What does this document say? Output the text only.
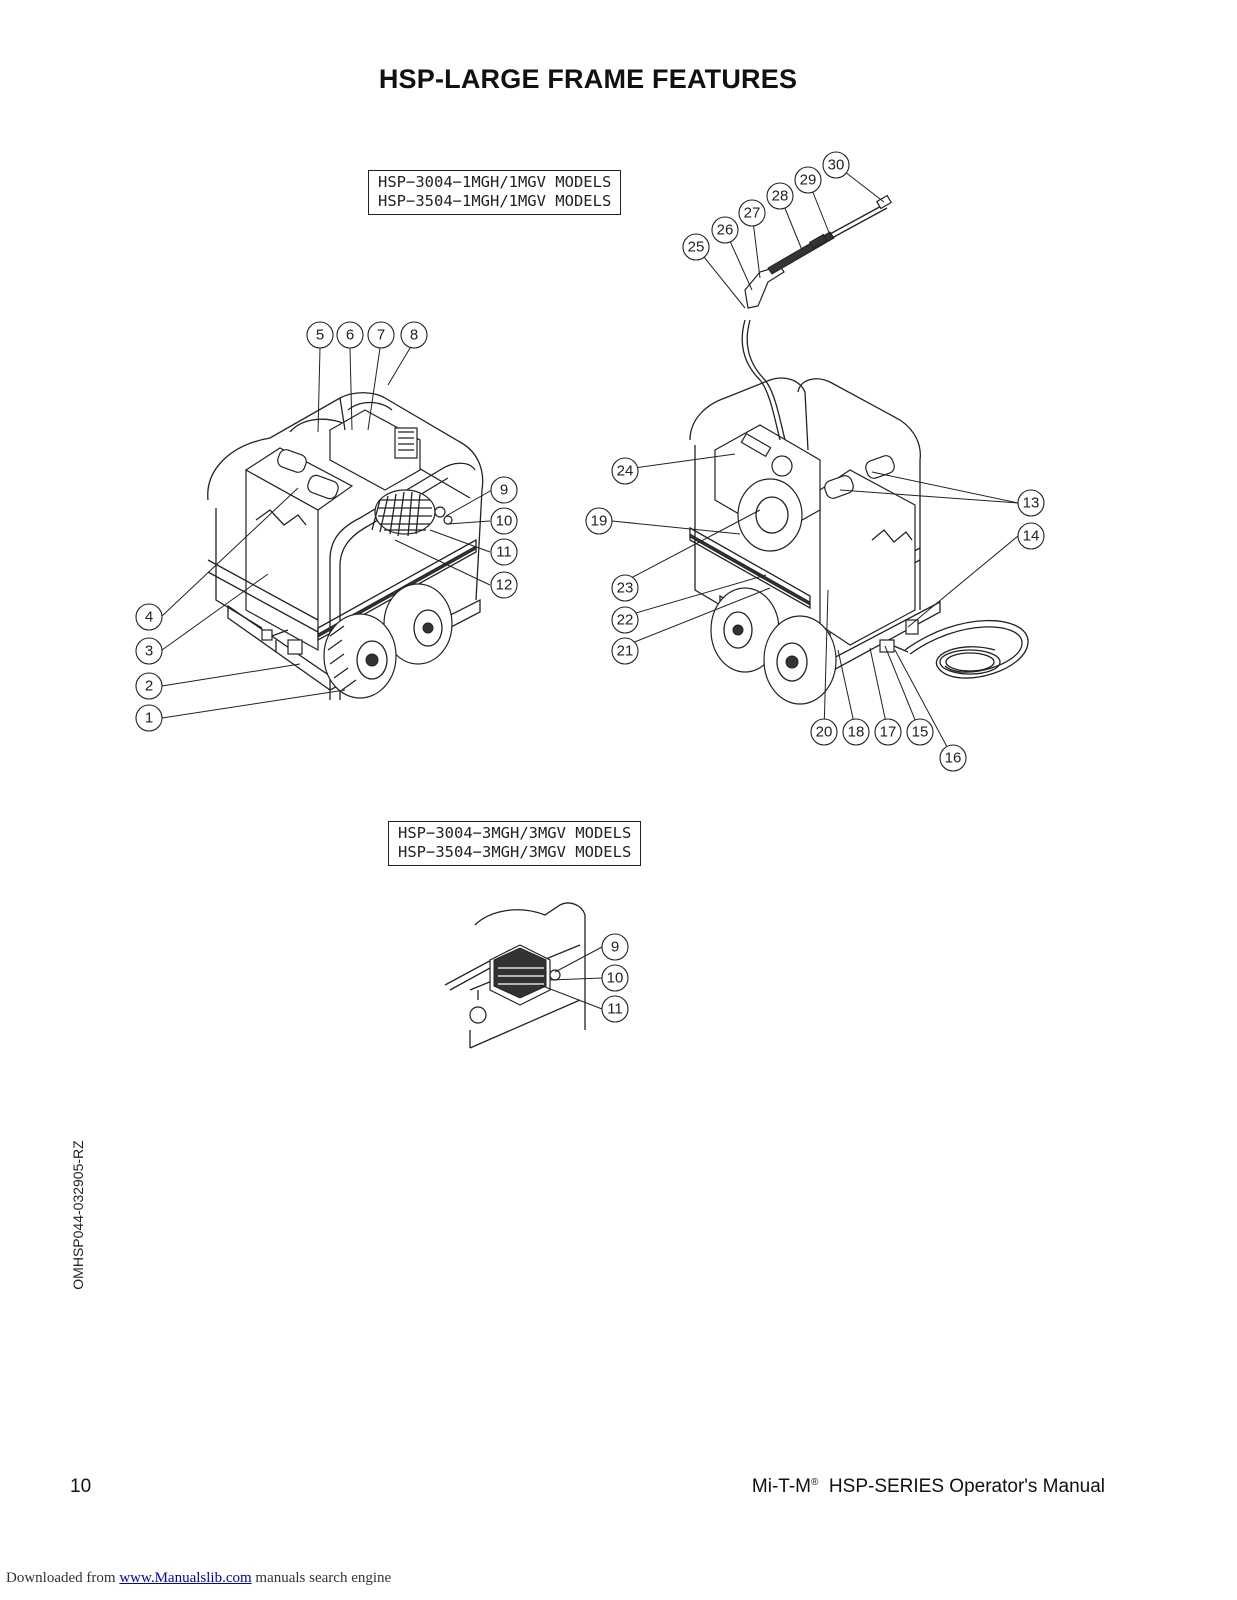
HSP-LARGE FRAME FEATURES
HSP−3004−1MGH/1MGV MODELS
HSP−3504−1MGH/1MGV MODELS
HSP−3004−3MGH/3MGV MODELS
HSP−3504−3MGH/3MGV MODELS
1
2
3
4
5 6 7 8
9
10
11
12
13
14
15
16
17
18
19
20
21
22
23
24
25
26
27
28
29
30
9
10
11
OMHSP044-032905-RZ
10	Mi-T-M® HSP-SERIES Operator's Manual
Downloaded from www.Manualslib.com manuals search engine
